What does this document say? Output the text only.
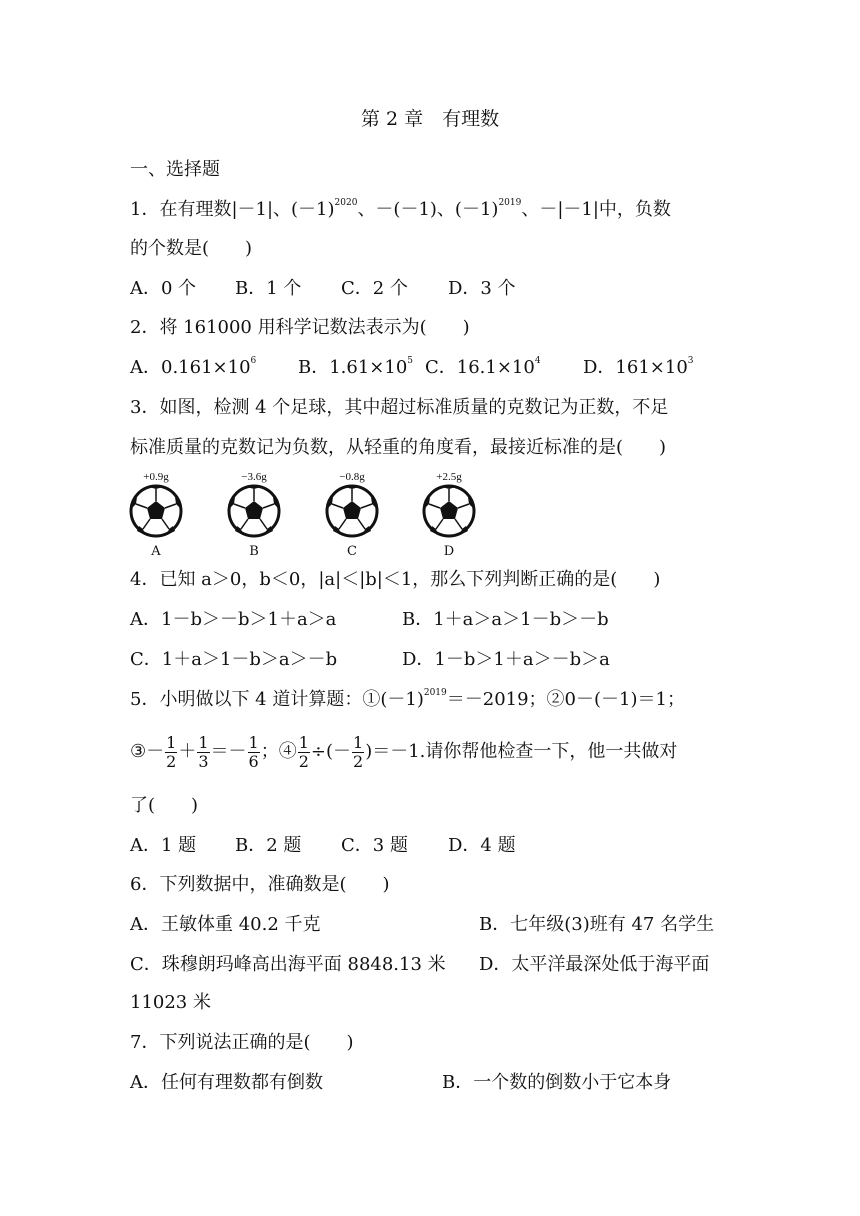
第 2 章　有理数
一、选择题
1．在有理数|－1|、$(-1)^{2020}$、－(－1)、$(-1)^{2019}$、－|－1|中，负数
的个数是(　　)
A．0 个 B．1 个 C．2 个 D．3 个
2．将 161000 用科学记数法表示为(　　)
A．$0.161\times 10^6$ B．$1.61\times 10^5$ C．$16.1\times 10^4$ D．$161\times 10^3$
3．如图，检测 4 个足球，其中超过标准质量的克数记为正数，不足
标准质量的克数记为负数，从轻重的角度看，最接近标准的是(　　)
+0.9g
A
−3.6g
B
−0.8g
C
+2.5g
D
4．已知 a＞0，b＜0，|a|＜|b|＜1，那么下列判断正确的是(　　)
A．1－b＞－b＞1＋a＞a	B．1＋a＞a＞1－b＞－b
C．1＋a＞1－b＞a＞－b	D．1－b＞1＋a＞－b＞a
5．小明做以下 4 道计算题：$①(-1)^{2019}=-2019$；②0－(－1)＝1；
③－ $\frac{1}{2} + \frac{1}{3} =- \frac{1}{6}$ ；④ $\frac{1}{2}$ ÷(－ $\frac{1}{2} )=-1$.请你帮他检查一下，他一共做对
了(　　)
A．1 题 B．2 题 C．3 题 D．4 题
6．下列数据中，准确数是(　　)
A．王敏体重 40.2 千克	B．七年级(3)班有 47 名学生
C．珠穆朗玛峰高出海平面 8848.13 米 D．太平洋最深处低于海平面
11023 米
7．下列说法正确的是(　　)
A．任何有理数都有倒数	B．一个数的倒数小于它本身
